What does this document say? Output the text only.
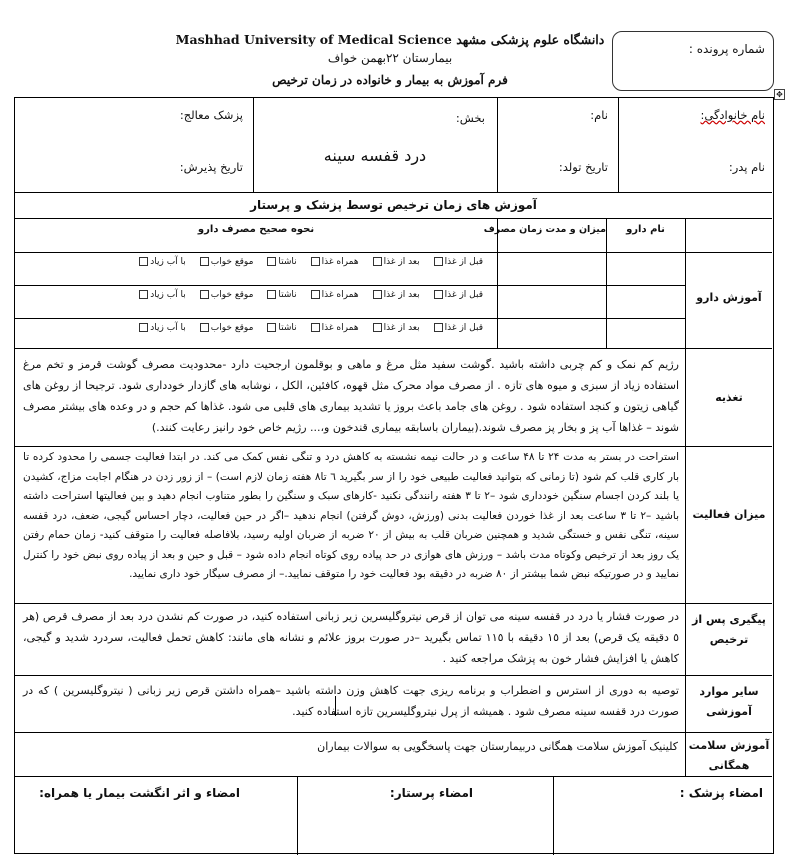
دانشگاه علوم پزشکی مشهد Mashhad University of Medical Science
بیمارستان ۲۲بهمن خواف
فرم آموزش به بیمار و خانواده در زمان ترخیص
شماره پرونده :
✥
نام خانوادگی:
نام:
بخش:
پزشک معالج:
نام پدر:
تاریخ تولد:
درد قفسه سینه
تاریخ پذیرش:
آموزش های زمان ترخیص توسط پزشک و پرستار
آموزش دارو
نام دارو
میزان و مدت زمان مصرف
نحوه صحیح مصرف دارو
قبل از غذا
بعد از غذا
همراه غذا
ناشتا
موقع خواب
با آب زیاد
قبل از غذا
بعد از غذا
همراه غذا
ناشتا
موقع خواب
با آب زیاد
قبل از غذا
بعد از غذا
همراه غذا
ناشتا
موقع خواب
با آب زیاد
تغذیه
رژیم کم نمک و کم چربی داشته باشید .گوشت سفید مثل مرغ و ماهی و بوقلمون ارجحیت دارد -محدودیت مصرف گوشت قرمز و تخم مرغ استفاده زیاد از سبزی و میوه های تازه . از مصرف مواد محرک مثل قهوه، کافئین، الکل ، نوشابه های گازدار خودداری شود. ترجیحا از روغن های گیاهی زیتون و کنجد استفاده شود . روغن های جامد باعث بروز یا تشدید بیماری های قلبی می شود. غذاها کم حجم و در وعده های بیشتر مصرف شوند – غذاها آب پز و بخار پز مصرف شوند.(بیماران باسابقه بیماری قندخون و،... رژیم خاص خود رانیز رعایت کنند.)
میزان فعالیت
استراحت در بستر به مدت ۲۴ تا ۴۸ ساعت و در حالت نیمه نشسته به کاهش درد و تنگی نفس کمک می کند. در ابتدا فعالیت جسمی را محدود کرده تا بار کاری قلب کم شود (تا زمانی که بتوانید فعالیت طبیعی خود را از سر بگیرید ٦ تا٨ هفته زمان لازم است) – از زور زدن در هنگام اجابت مزاج، کشیدن یا بلند کردن اجسام سنگین خودداری شود –۲ تا ۳ هفته رانندگی نکنید -کارهای سبک و سنگین را بطور متناوب انجام دهید و بین فعالیتها استراحت داشته باشید –۲ تا ۳ ساعت بعد از غذا خوردن فعالیت بدنی (ورزش، دوش گرفتن) انجام ندهید –اگر در حین فعالیت، دچار احساس گیجی، ضعف، درد قفسه سینه، تنگی نفس و خستگی شدید و همچنین ضربان قلب به بیش از ۲۰ ضربه از ضربان اولیه رسید، بلافاصله فعالیت را متوقف کنید- زمان حمام رفتن یک روز بعد از ترخیص وکوتاه مدت باشد – ورزش های هوازی در حد پیاده روی کوتاه انجام داده شود – قبل و حین و بعد از پیاده روی نبض خود را کنترل نمایید و در صورتیکه نبض شما بیشتر از ۸۰ ضربه در دقیقه بود فعالیت خود را متوقف نمایید.– از مصرف سیگار خود داری نمایید.
پیگیری پس از ترخیص
در صورت فشار یا درد در قفسه سینه می توان از قرص نیتروگلیسرین زیر زبانی استفاده کنید، در صورت کم نشدن درد بعد از مصرف قرص (هر ٥ دقیقه یک قرص) بعد از ۱٥ دقیقه با ۱۱٥ تماس بگیرید –در صورت بروز علائم و نشانه های مانند: کاهش تحمل فعالیت، سردرد شدید و گیجی، کاهش یا افزایش فشار خون به پزشک مراجعه کنید .
سایر موارد آموزشی
توصیه به دوری از استرس و اضطراب و برنامه ریزی جهت کاهش وزن داشته باشید –همراه داشتن قرص زیر زبانی ( نیتروگلیسرین ) که در صورت درد قفسه سینه مصرف شود . همیشه از پرل نیتروگلیسرین تازه استفاده کنید.
آموزش سلامت همگانی
کلینیک آموزش سلامت همگانی دربیمارستان جهت پاسخگویی به سوالات بیماران
امضاء پزشک :
امضاء پرستار:
امضاء و اثر انگشت بیمار یا همراه:
